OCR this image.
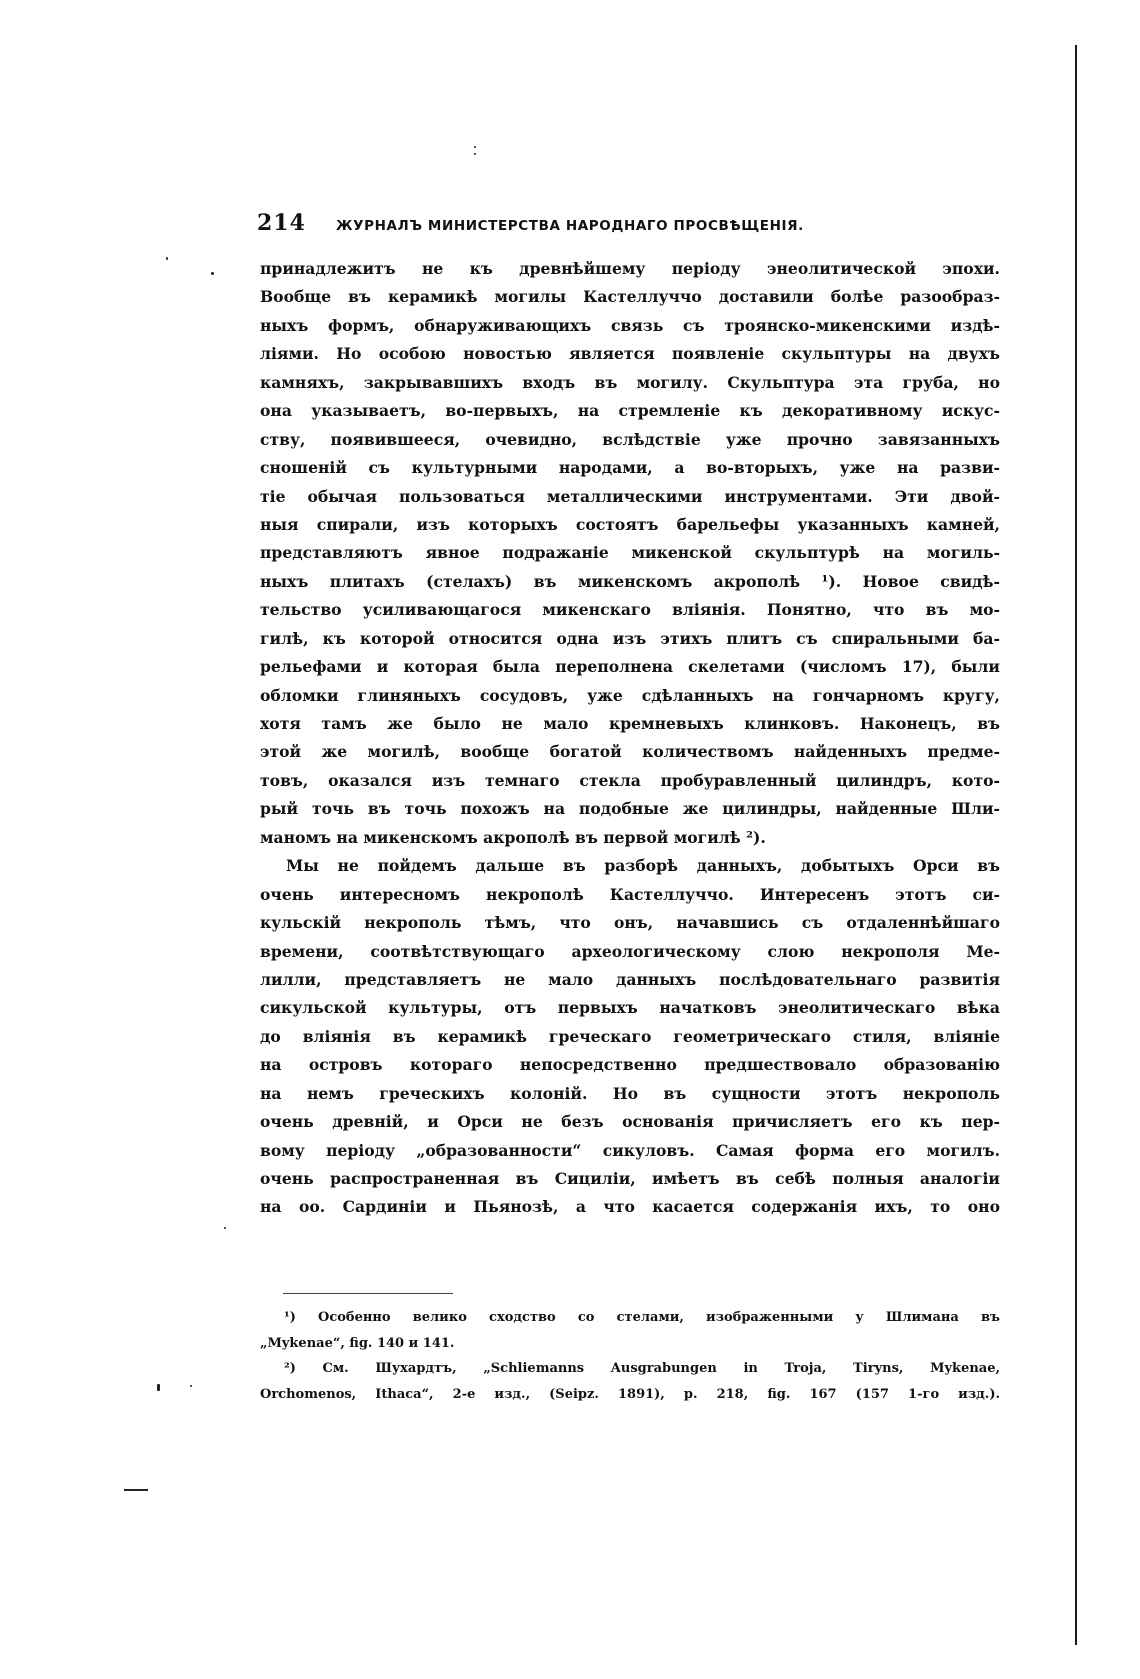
214 ЖУРНАЛЪ МИНИСТЕРСТВА НАРОДНАГО ПРОСВѢЩЕНІЯ.
принадлежитъ не къ древнѣйшему періоду энеолитической эпохи.
Вообще въ керамикѣ могилы Кастеллуччо доставили болѣе разообраз-
ныхъ формъ, обнаруживающихъ связь съ троянско-микенскими издѣ-
ліями. Но особою новостью является появленіе скульптуры на двухъ
камняхъ, закрывавшихъ входъ въ могилу. Скульптура эта груба, но
она указываетъ, во-первыхъ, на стремленіе къ декоративному искус-
ству, появившееся, очевидно, вслѣдствіе уже прочно завязанныхъ
сношеній съ культурными народами, а во-вторыхъ, уже на разви-
тіе обычая пользоваться металлическими инструментами. Эти двой-
ныя спирали, изъ которыхъ состоятъ барельефы указанныхъ камней,
представляютъ явное подражаніе микенской скульптурѣ на могиль-
ныхъ плитахъ (стелахъ) въ микенскомъ акрополѣ ¹). Новое свидѣ-
тельство усиливающагося микенскаго вліянія. Понятно, что въ мо-
гилѣ, къ которой относится одна изъ этихъ плитъ съ спиральными ба-
рельефами и которая была переполнена скелетами (числомъ 17), были
обломки глиняныхъ сосудовъ, уже сдѣланныхъ на гончарномъ кругу,
хотя тамъ же было не мало кремневыхъ клинковъ. Наконецъ, въ
этой же могилѣ, вообще богатой количествомъ найденныхъ предме-
товъ, оказался изъ темнаго стекла пробуравленный цилиндръ, кото-
рый точь въ точь похожъ на подобные же цилиндры, найденные Шли-
маномъ на микенскомъ акрополѣ въ первой могилѣ ²).
Мы не пойдемъ дальше въ разборѣ данныхъ, добытыхъ Орси въ
очень интересномъ некрополѣ Кастеллуччо. Интересенъ этотъ си-
кульскій некрополь тѣмъ, что онъ, начавшись съ отдаленнѣйшаго
времени, соотвѣтствующаго археологическому слою некрополя Ме-
лилли, представляетъ не мало данныхъ послѣдовательнаго развитія
сикульской культуры, отъ первыхъ начатковъ энеолитическаго вѣка
до вліянія въ керамикѣ греческаго геометрическаго стиля, вліяніе
на островъ котораго непосредственно предшествовало образованію
на немъ греческихъ колоній. Но въ сущности этотъ некрополь
очень древній, и Орси не безъ основанія причисляетъ его къ пер-
вому періоду „образованности“ сикуловъ. Самая форма его могилъ.
очень распространенная въ Сициліи, имѣетъ въ себѣ полныя аналогіи
на оо. Сардиніи и Пьянозѣ, а что касается содержанія ихъ, то оно
¹) Особенно велико сходство со стелами, изображенными у Шлимана въ
„Mykenae“, fig. 140 и 141.
²) См. Шухардтъ, „Schliemanns Ausgrabungen in Troja, Tiryns, Mykenae,
Orchomenos, Ithaca“, 2-е изд., (Seipz. 1891), p. 218, fig. 167 (157 1-го изд.).
